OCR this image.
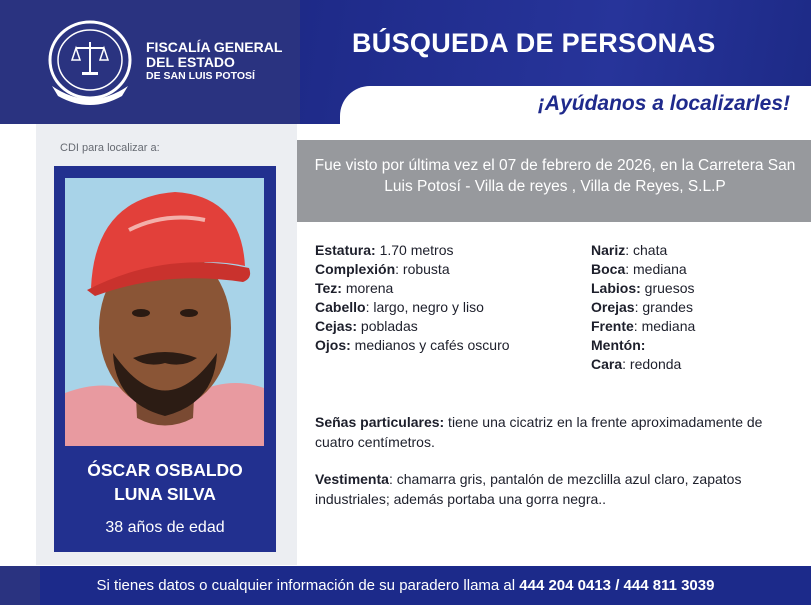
FISCALÍA GENERAL
DEL ESTADO
DE SAN LUIS POTOSÍ
BÚSQUEDA DE PERSONAS
¡Ayúdanos a localizarles!
CDI para localizar a:
ÓSCAR OSBALDO
LUNA SILVA
38 años de edad
Fue visto por última vez el 07 de febrero de 2026, en la Carretera San Luis Potosí - Villa de reyes , Villa de Reyes, S.L.P
Estatura: 1.70 metros
Complexión: robusta
Tez: morena
Cabello: largo, negro y liso
Cejas: pobladas
Ojos: medianos y cafés oscuro
Nariz: chata
Boca: mediana
Labios: gruesos
Orejas: grandes
Frente: mediana
Mentón:
Cara: redonda
Señas particulares: tiene una cicatriz en la frente aproximadamente de cuatro centímetros.
Vestimenta: chamarra gris, pantalón de mezclilla azul claro, zapatos industriales; además portaba una gorra negra..
Si tienes datos o cualquier información de su paradero llama al 444 204 0413 / 444 811 3039
